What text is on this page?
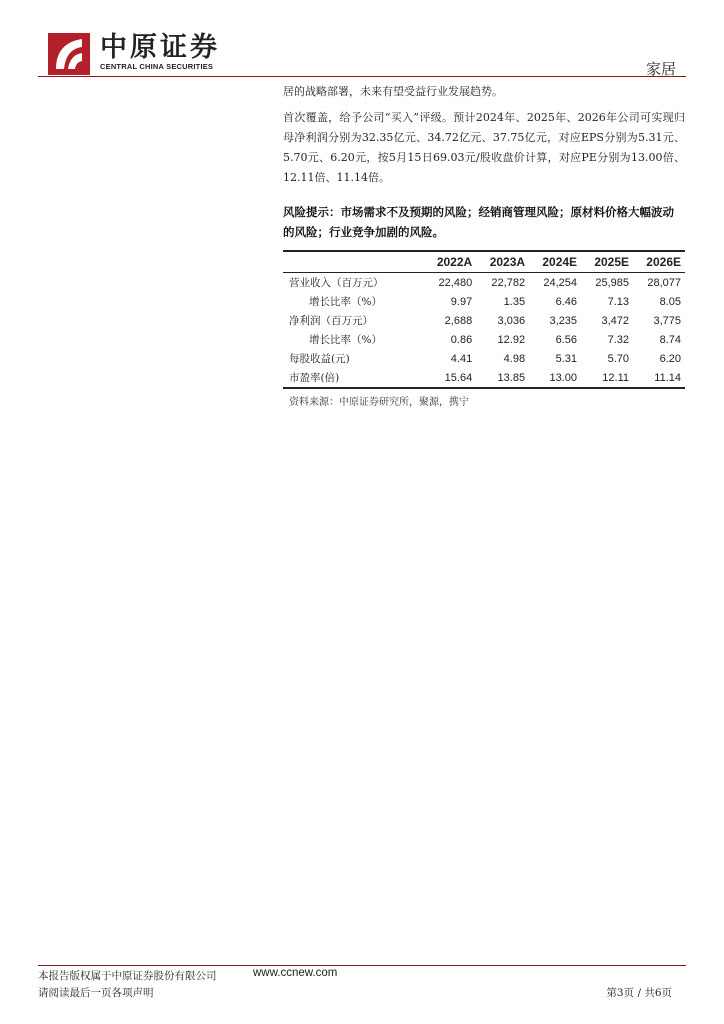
中原证券
CENTRAL CHINA SECURITIES	家居

居的战略部署，未来有望受益行业发展趋势。

首次覆盖，给予公司“买入”评级。预计2024年、2025年、2026年公司可实现归母净利润分别为32.35亿元、34.72亿元、37.75亿元，对应EPS分别为5.31元、5.70元、6.20元，按5月15日69.03元/股收盘价计算，对应PE分别为13.00倍、12.11倍、11.14倍。

风险提示：市场需求不及预期的风险；经销商管理风险；原材料价格大幅波动的风险；行业竞争加剧的风险。
	2022A	2023A	2024E	2025E	2026E
营业收入（百万元）	22,480	22,782	24,254	25,985	28,077
增长比率（%）	9.97	1.35	6.46	7.13	8.05
净利润（百万元）	2,688	3,036	3,235	3,472	3,775
增长比率（%）	0.86	12.92	6.56	7.32	8.74
每股收益(元)	4.41	4.98	5.31	5.70	6.20
市盈率(倍)	15.64	13.85	13.00	12.11	11.14
资料来源：中原证券研究所，聚源，携宁
本报告版权属于中原证券股份有限公司	www.ccnew.com
请阅读最后一页各项声明	第3页 / 共6页
